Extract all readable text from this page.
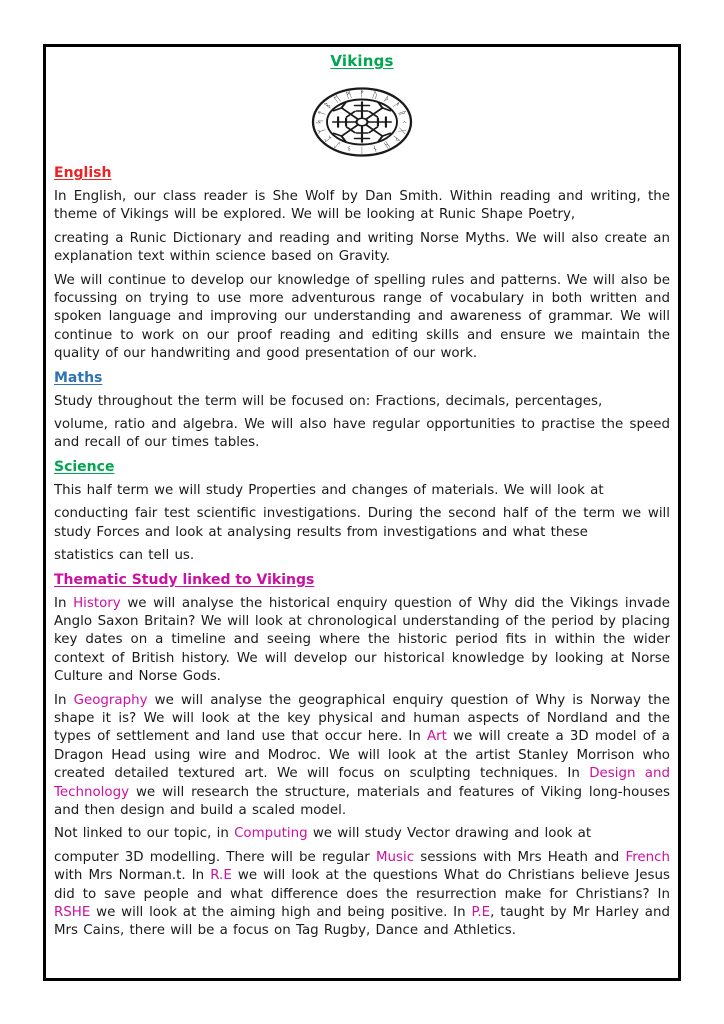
Vikings
ᚠ ᚢ ᚦ
ᚨ
ᚱ
ᚲ
ᚷ
ᚹ
ᚺ
ᚾ
ᛁ
ᛃ
ᛇ
ᛈ
ᛉ
ᛋ
ᛏ
ᛒ
ᛖ ᛗ
English

In English, our class reader is She Wolf by Dan Smith. Within reading and writing, the theme of Vikings will be explored. We will be looking at Runic Shape Poetry,

creating a Runic Dictionary and reading and writing Norse Myths. We will also create an explanation text within science based on Gravity.

We will continue to develop our knowledge of spelling rules and patterns. We will also be focussing on trying to use more adventurous range of vocabulary in both written and spoken language and improving our understanding and awareness of grammar. We will continue to work on our proof reading and editing skills and ensure we maintain the quality of our handwriting and good presentation of our work.

Maths

Study throughout the term will be focused on: Fractions, decimals, percentages,

volume, ratio and algebra. We will also have regular opportunities to practise the speed and recall of our times tables.

Science

This half term we will study Properties and changes of materials. We will look at

conducting fair test scientific investigations. During the second half of the term we will study Forces and look at analysing results from investigations and what these

statistics can tell us.

Thematic Study linked to Vikings

In History we will analyse the historical enquiry question of Why did the Vikings invade Anglo Saxon Britain? We will look at chronological understanding of the period by placing key dates on a timeline and seeing where the historic period fits in within the wider context of British history. We will develop our historical knowledge by looking at Norse Culture and Norse Gods.

In Geography we will analyse the geographical enquiry question of Why is Norway the shape it is? We will look at the key physical and human aspects of Nordland and the types of settlement and land use that occur here. In Art we will create a 3D model of a Dragon Head using wire and Modroc. We will look at the artist Stanley Morrison who created detailed textured art. We will focus on sculpting techniques. In Design and Technology we will research the structure, materials and features of Viking long-houses and then design and build a scaled model.

Not linked to our topic, in Computing we will study Vector drawing and look at

computer 3D modelling. There will be regular Music sessions with Mrs Heath and French with Mrs Norman.t. In R.E we will look at the questions What do Christians believe Jesus did to save people and what difference does the resurrection make for Christians? In RSHE we will look at the aiming high and being positive. In P.E, taught by Mr Harley and Mrs Cains, there will be a focus on Tag Rugby, Dance and Athletics.
